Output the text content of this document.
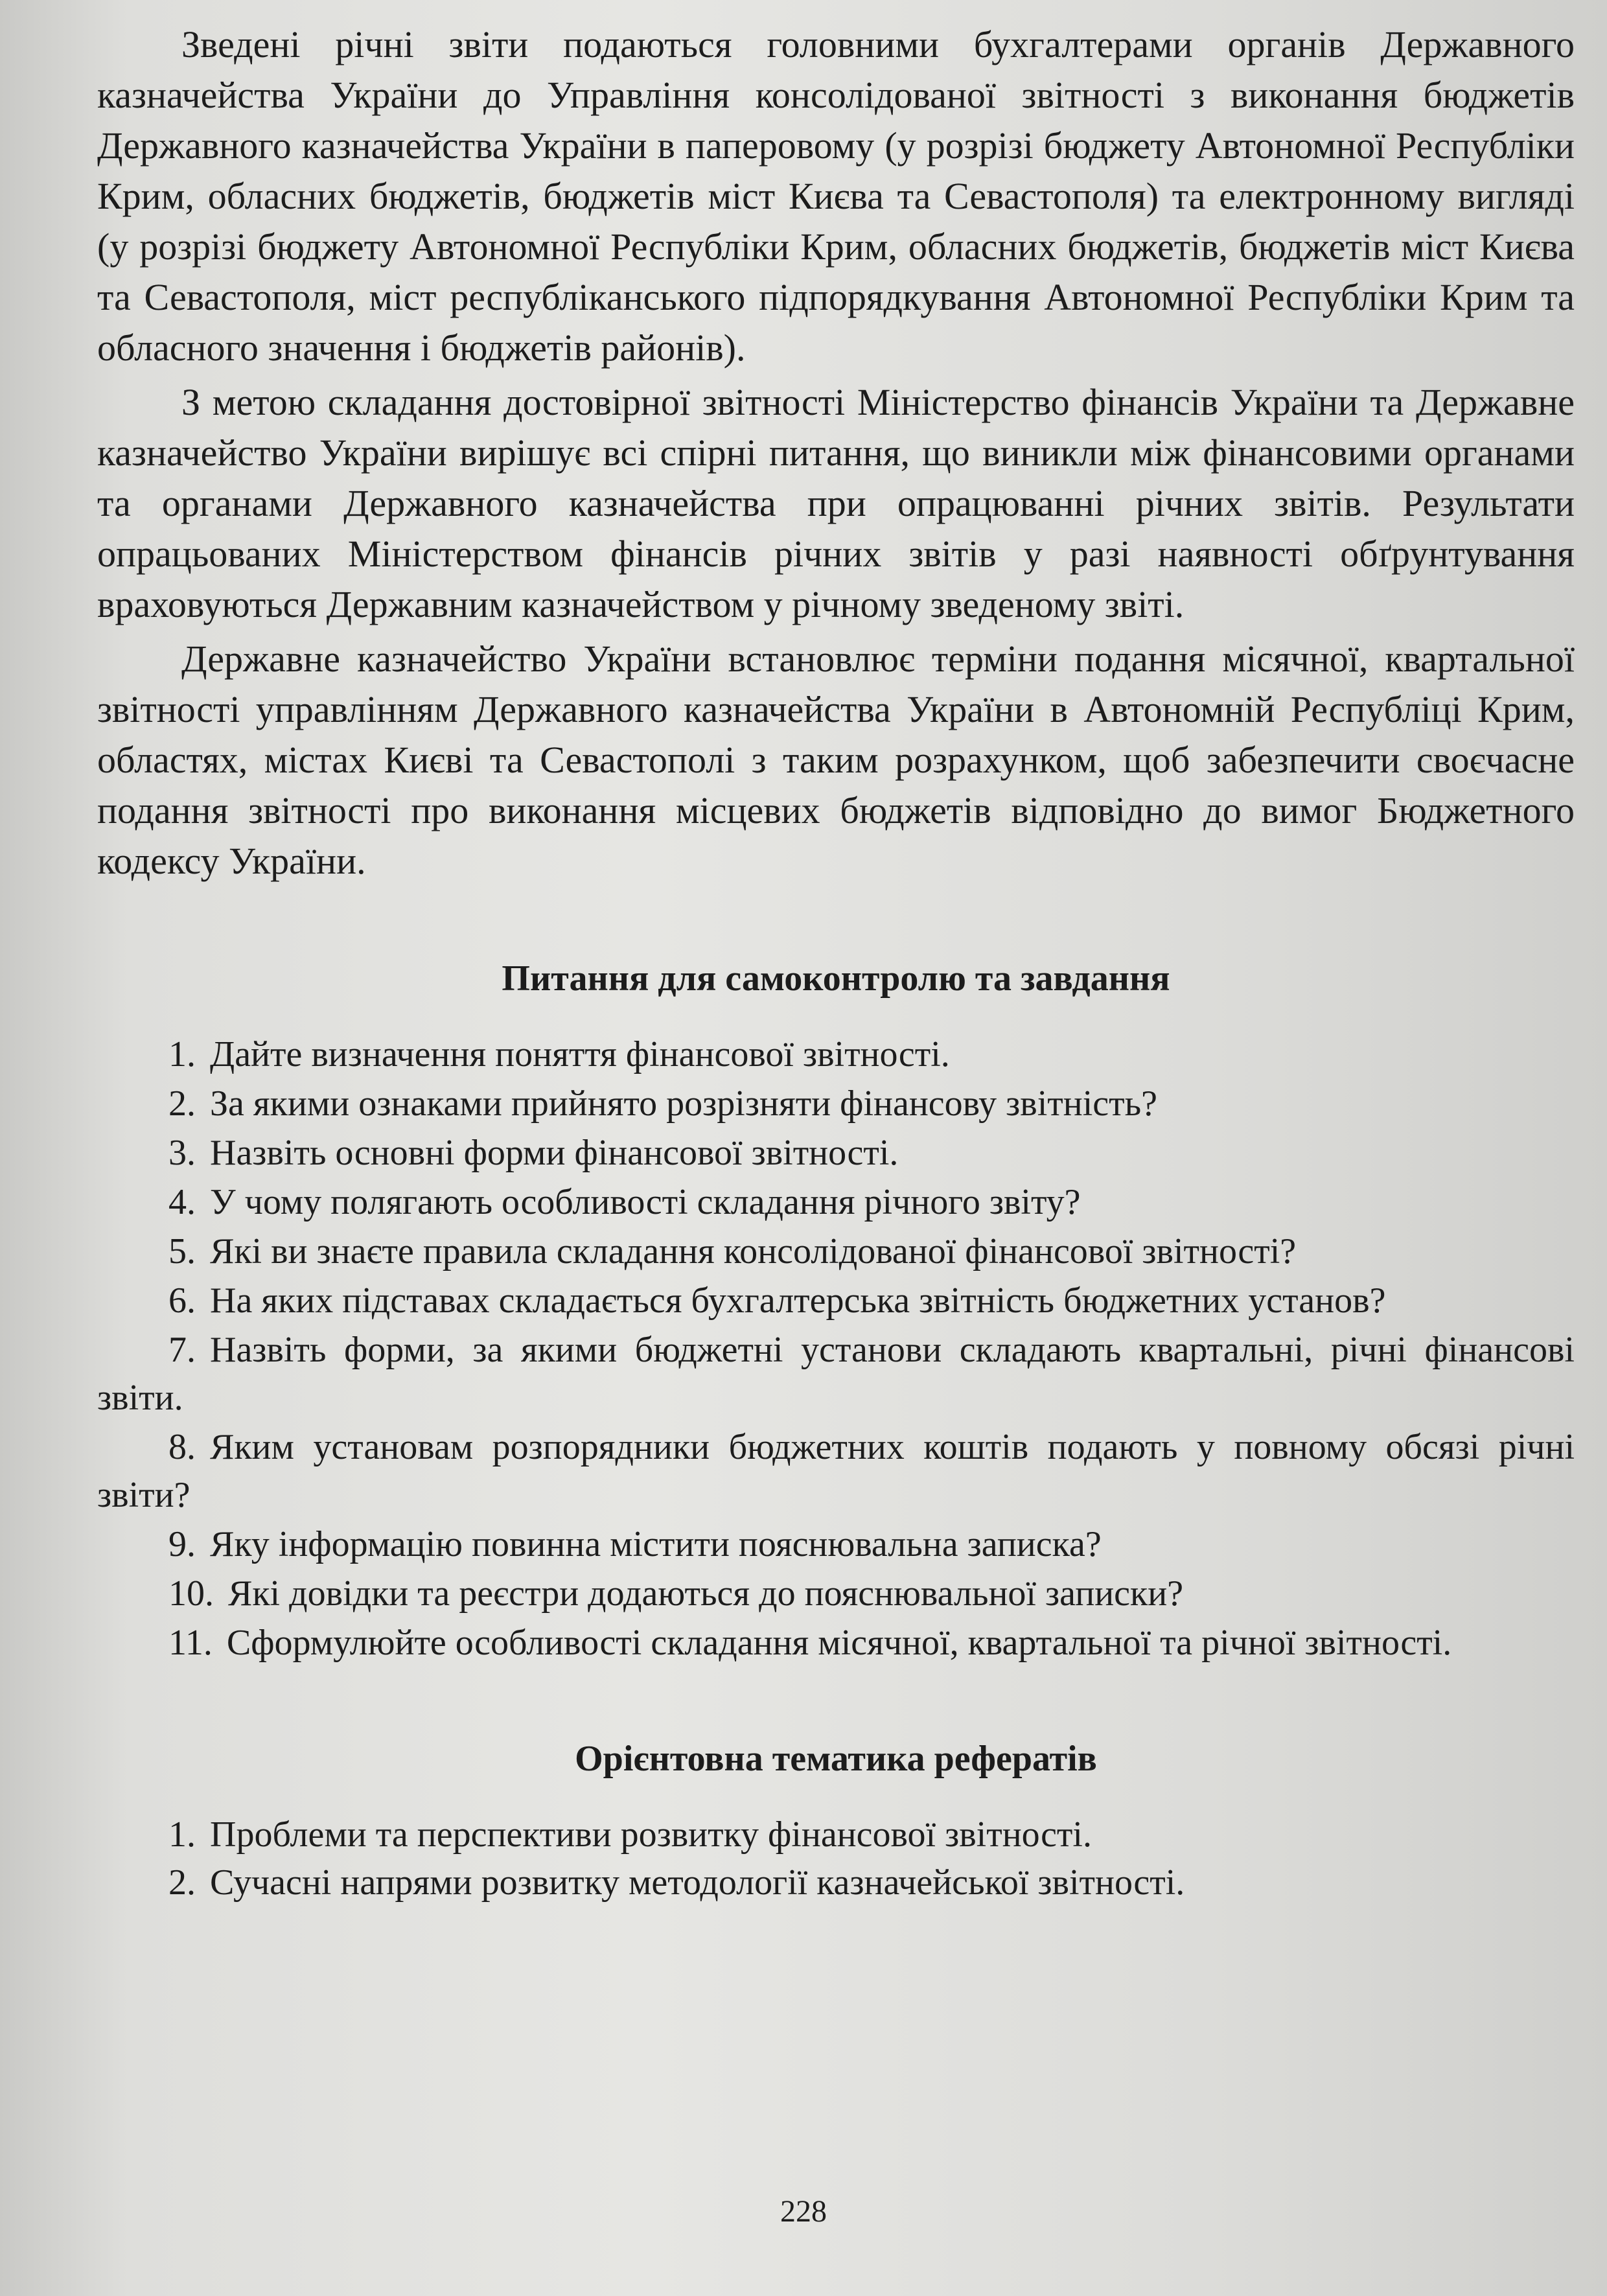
Зведені річні звіти подаються головними бухгалтерами органів Державного казначейства України до Управління консолідованої звітності з виконання бюджетів Державного казначейства України в паперовому (у розрізі бюджету Автономної Республіки Крим, обласних бюджетів, бюджетів міст Києва та Севастополя) та електронному вигляді (у розрізі бюджету Автономної Республіки Крим, обласних бюджетів, бюджетів міст Києва та Севастополя, міст республіканського підпорядкування Автономної Республіки Крим та обласного значення і бюджетів районів).

З метою складання достовірної звітності Міністерство фінансів України та Державне казначейство України вирішує всі спірні питання, що виникли між фінансовими органами та органами Державного казначейства при опрацюванні річних звітів. Результати опрацьованих Міністерством фінансів річних звітів у разі наявності обґрунтування враховуються Державним казначейством у річному зведеному звіті.

Державне казначейство України встановлює терміни подання місячної, квартальної звітності управлінням Державного казначейства України в Автономній Республіці Крим, областях, містах Києві та Севастополі з таким розрахунком, щоб забезпечити своєчасне подання звітності про виконання місцевих бюджетів відповідно до вимог Бюджетного кодексу України.

Питання для самоконтролю та завдання
1. Дайте визначення поняття фінансової звітності.
2. За якими ознаками прийнято розрізняти фінансову звітність?
3. Назвіть основні форми фінансової звітності.
4. У чому полягають особливості складання річного звіту?
5. Які ви знаєте правила складання консолідованої фінансової звітності?
6. На яких підставах складається бухгалтерська звітність бюджетних установ?
7. Назвіть форми, за якими бюджетні установи складають квартальні, річні фінансові звіти.
8. Яким установам розпорядники бюджетних коштів подають у повному обсязі річні звіти?
9. Яку інформацію повинна містити пояснювальна записка?
10. Які довідки та реєстри додаються до пояснювальної записки?
11. Сформулюйте особливості складання місячної, квартальної та річної звітності.
Орієнтовна тематика рефератів
1. Проблеми та перспективи розвитку фінансової звітності.
2. Сучасні напрями розвитку методології казначейської звітності.
228
